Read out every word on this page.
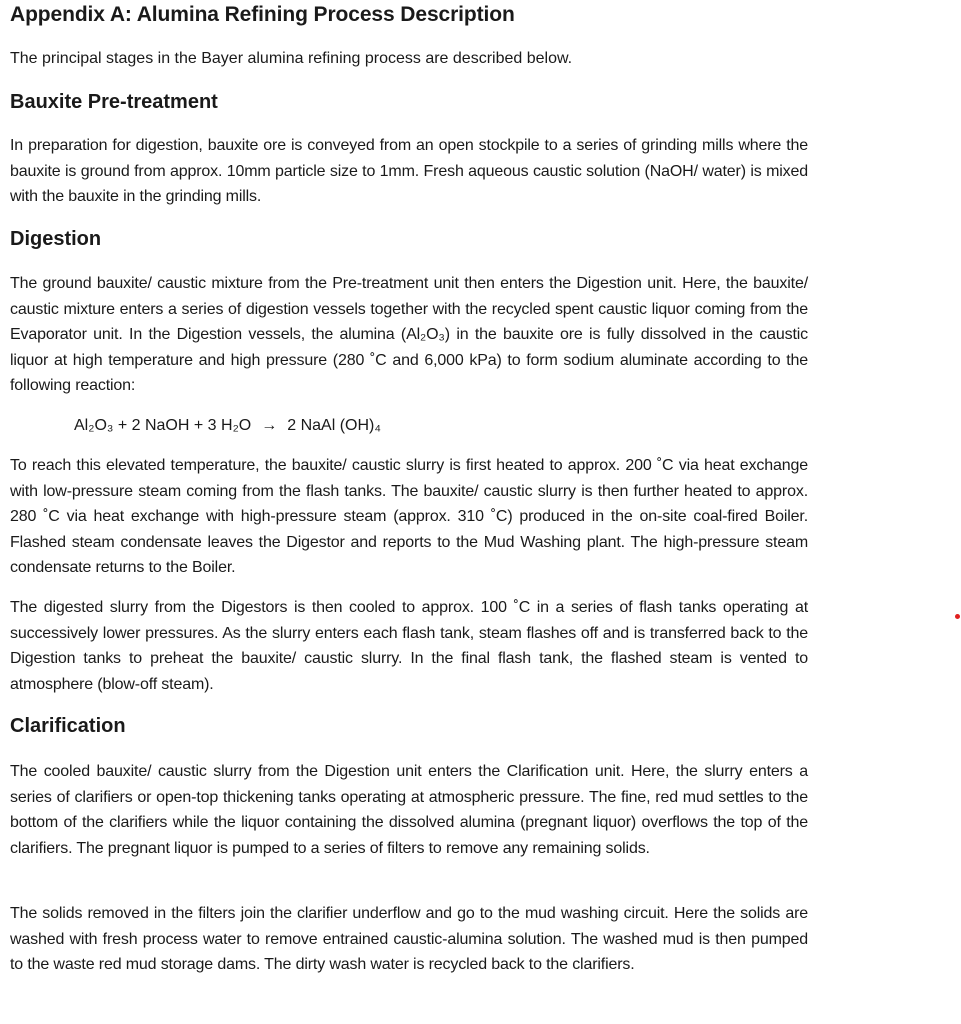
Appendix A: Alumina Refining Process Description

The principal stages in the Bayer alumina refining process are described below.

Bauxite Pre-treatment

In preparation for digestion, bauxite ore is conveyed from an open stockpile to a series of grinding mills where the bauxite is ground from approx. 10mm particle size to 1mm. Fresh aqueous caustic solution (NaOH/ water) is mixed with the bauxite in the grinding mills.

Digestion

The ground bauxite/ caustic mixture from the Pre-treatment unit then enters the Digestion unit. Here, the bauxite/ caustic mixture enters a series of digestion vessels together with the recycled spent caustic liquor coming from the Evaporator unit. In the Digestion vessels, the alumina (Al₂O₃) in the bauxite ore is fully dissolved in the caustic liquor at high temperature and high pressure (280 ˚C and 6,000 kPa) to form sodium aluminate according to the following reaction:

Al₂O₃ + 2 NaOH + 3 H₂O → 2 NaAl (OH)₄

To reach this elevated temperature, the bauxite/ caustic slurry is first heated to approx. 200 ˚C via heat exchange with low-pressure steam coming from the flash tanks. The bauxite/ caustic slurry is then further heated to approx. 280 ˚C via heat exchange with high-pressure steam (approx. 310 ˚C) produced in the on-site coal-fired Boiler. Flashed steam condensate leaves the Digestor and reports to the Mud Washing plant. The high-pressure steam condensate returns to the Boiler.

The digested slurry from the Digestors is then cooled to approx. 100 ˚C in a series of flash tanks operating at successively lower pressures. As the slurry enters each flash tank, steam flashes off and is transferred back to the Digestion tanks to preheat the bauxite/ caustic slurry. In the final flash tank, the flashed steam is vented to atmosphere (blow-off steam).

Clarification

The cooled bauxite/ caustic slurry from the Digestion unit enters the Clarification unit. Here, the slurry enters a series of clarifiers or open-top thickening tanks operating at atmospheric pressure. The fine, red mud settles to the bottom of the clarifiers while the liquor containing the dissolved alumina (pregnant liquor) overflows the top of the clarifiers. The pregnant liquor is pumped to a series of filters to remove any remaining solids.

The solids removed in the filters join the clarifier underflow and go to the mud washing circuit. Here the solids are washed with fresh process water to remove entrained caustic-alumina solution. The washed mud is then pumped to the waste red mud storage dams. The dirty wash water is recycled back to the clarifiers.
